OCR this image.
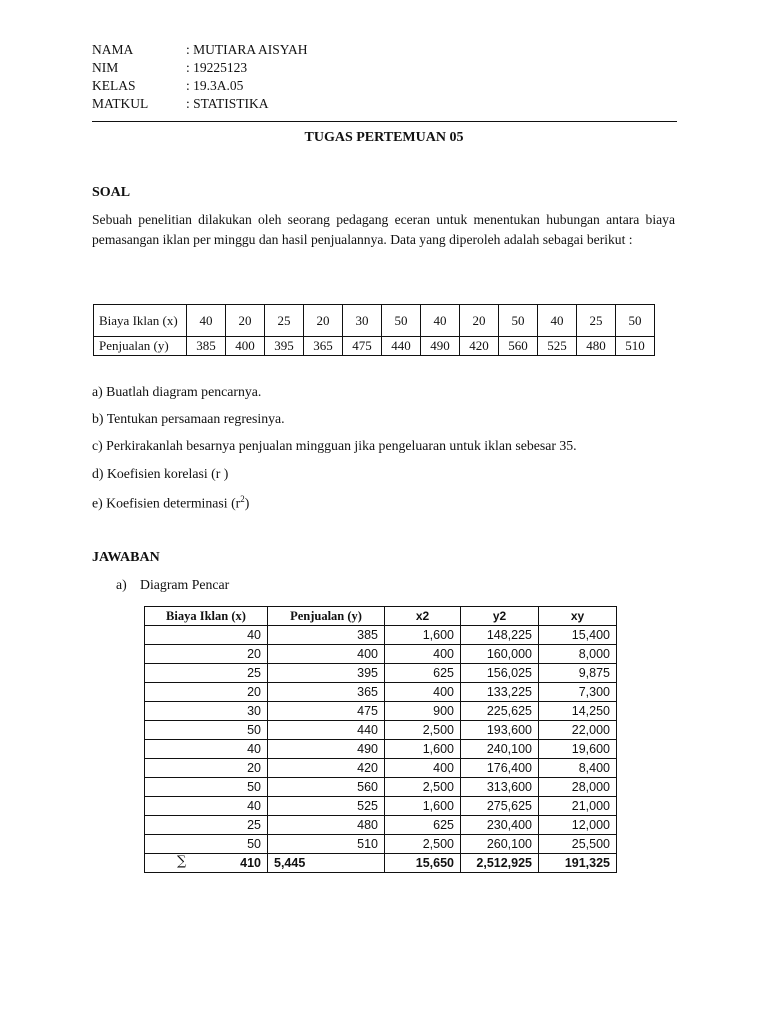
NAMA	: MUTIARA AISYAH
NIM	: 19225123
KELAS	: 19.3A.05
MATKUL	: STATISTIKA
TUGAS PERTEMUAN 05
SOAL
Sebuah penelitian dilakukan oleh seorang pedagang eceran untuk menentukan hubungan antara biaya pemasangan iklan per minggu dan hasil penjualannya. Data yang diperoleh adalah sebagai berikut :
Biaya Iklan (x)	40	20	25	20	30	50	40	20	50	40	25	50
Penjualan (y)	385	400	395	365	475	440	490	420	560	525	480	510
a) Buatlah diagram pencarnya.
b) Tentukan persamaan regresinya.
c) Perkirakanlah besarnya penjualan mingguan jika pengeluaran untuk iklan sebesar 35.
d) Koefisien korelasi (r )
e) Koefisien determinasi $(r^2)$
JAWABAN
a) Diagram Pencar
Biaya Iklan (x)	Penjualan (y)	x2	y2	xy
40	385	1,600	148,225	15,400
20	400	400	160,000	8,000
25	395	625	156,025	9,875
20	365	400	133,225	7,300
30	475	900	225,625	14,250
50	440	2,500	193,600	22,000
40	490	1,600	240,100	19,600
20	420	400	176,400	8,400
50	560	2,500	313,600	28,000
40	525	1,600	275,625	21,000
25	480	625	230,400	12,000
50	510	2,500	260,100	25,500

∑ 410	5,445	15,650	2,512,925	191,325
